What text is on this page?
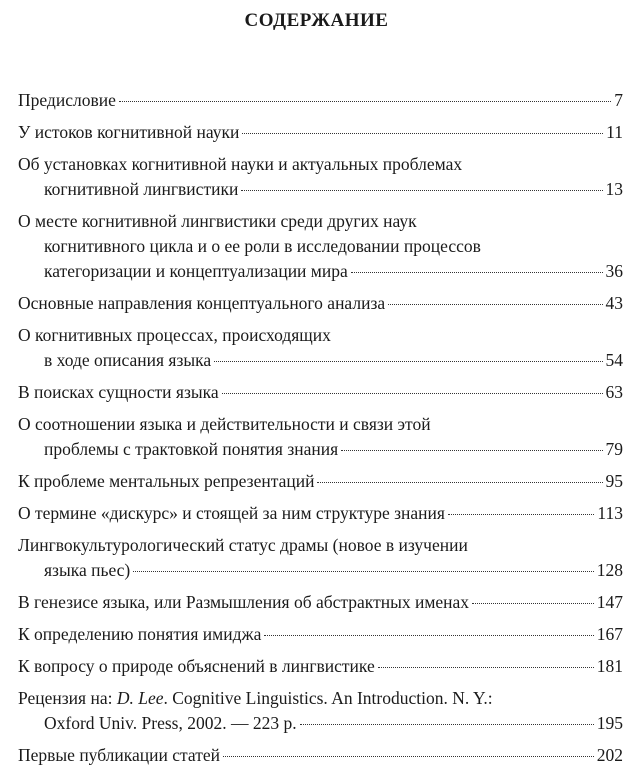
СОДЕРЖАНИЕ
Предисловие	7
У истоков когнитивной науки	11
Об установках когнитивной науки и актуальных проблемах
когнитивной лингвистики	13
О месте когнитивной лингвистики среди других наук
когнитивного цикла и о ее роли в исследовании процессов
категоризации и концептуализации мира	36
Основные направления концептуального анализа	43
О когнитивных процессах, происходящих
в ходе описания языка	54
В поисках сущности языка	63
О соотношении языка и действительности и связи этой
проблемы с трактовкой понятия знания	79
К проблеме ментальных репрезентаций	95
О термине «дискурс» и стоящей за ним структуре знания	113
Лингвокультурологический статус драмы (новое в изучении
языка пьес)	128
В генезисе языка, или Размышления об абстрактных именах	147
К определению понятия имиджа	167
К вопросу о природе объяснений в лингвистике	181
Рецензия на: D. Lee. Cognitive Linguistics. An Introduction. N. Y.:
Oxford Univ. Press, 2002. — 223 р.	195
Первые публикации статей	202
